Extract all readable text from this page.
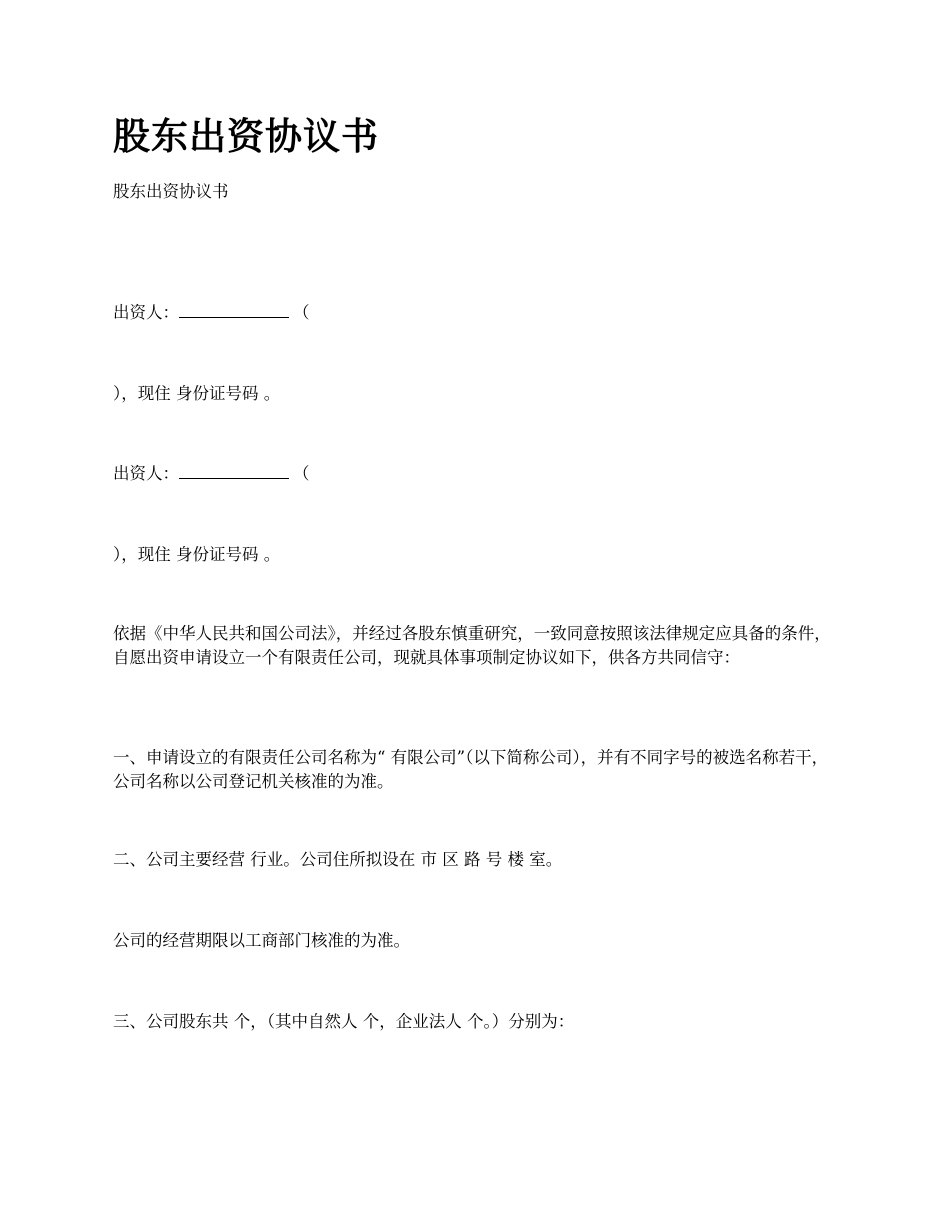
股东出资协议书

股东出资协议书

出资人：	（

），现住 身份证号码 。

出资人：	（

），现住 身份证号码 。

依据《中华人民共和国公司法》，并经过各股东慎重研究，一致同意按照该法律规定应具备的条件，自愿出资申请设立一个有限责任公司，现就具体事项制定协议如下，供各方共同信守：

一、申请设立的有限责任公司名称为“ 有限公司”（以下简称公司），并有不同字号的被选名称若干，公司名称以公司登记机关核准的为准。

二、公司主要经营 行业。公司住所拟设在 市 区 路 号 楼 室。

公司的经营期限以工商部门核准的为准。

三、公司股东共 个，（其中自然人 个，企业法人 个。）分别为：
